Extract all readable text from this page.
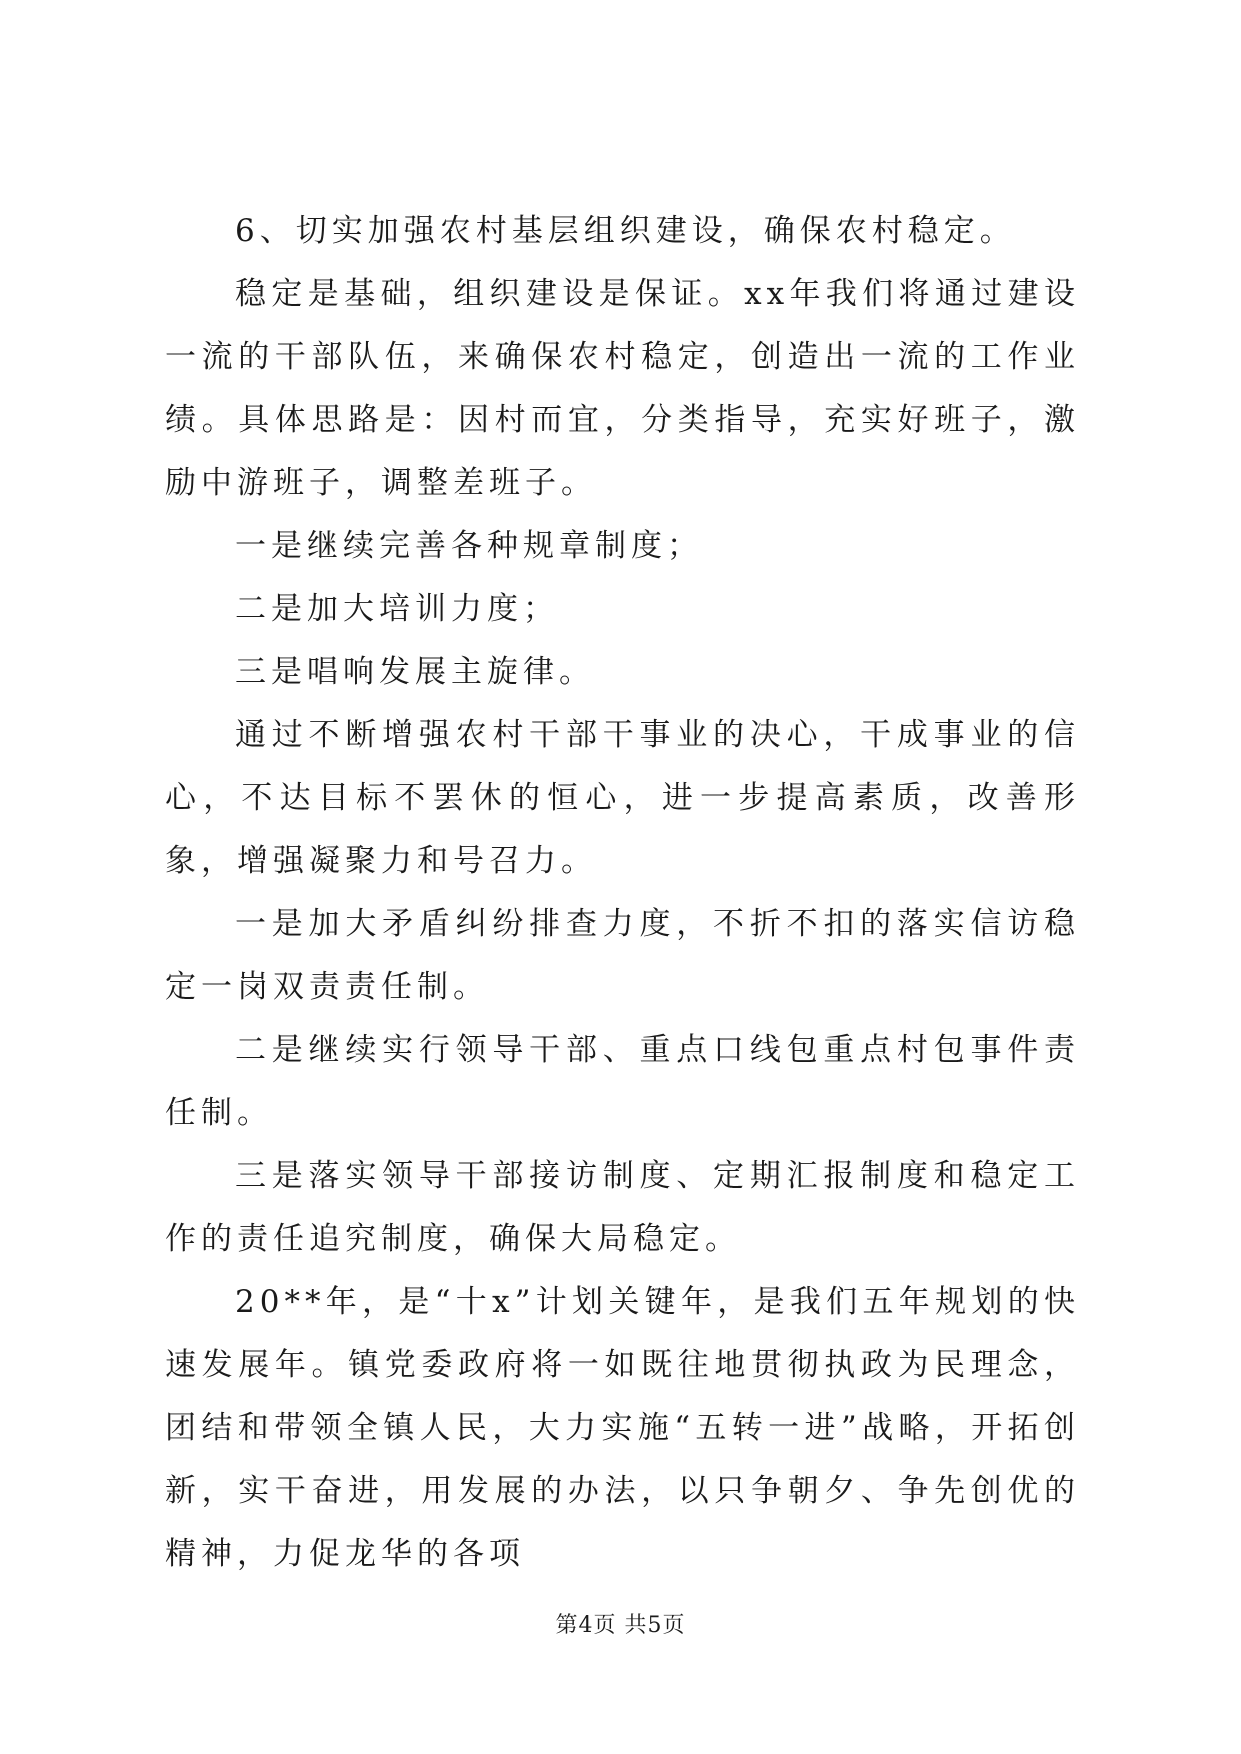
6、切实加强农村基层组织建设，确保农村稳定。

稳定是基础，组织建设是保证。xx年我们将通过建设一流的干部队伍，来确保农村稳定，创造出一流的工作业绩。具体思路是：因村而宜，分类指导，充实好班子，激励中游班子，调整差班子。

一是继续完善各种规章制度；

二是加大培训力度；

三是唱响发展主旋律。

通过不断增强农村干部干事业的决心，干成事业的信心，不达目标不罢休的恒心，进一步提高素质，改善形象，增强凝聚力和号召力。

一是加大矛盾纠纷排查力度，不折不扣的落实信访稳定一岗双责责任制。

二是继续实行领导干部、重点口线包重点村包事件责任制。

三是落实领导干部接访制度、定期汇报制度和稳定工作的责任追究制度，确保大局稳定。

20**年，是“十x”计划关键年，是我们五年规划的快速发展年。镇党委政府将一如既往地贯彻执政为民理念，团结和带领全镇人民，大力实施“五转一进”战略，开拓创新，实干奋进，用发展的办法，以只争朝夕、争先创优的精神，力促龙华的各项

第4页 共5页
